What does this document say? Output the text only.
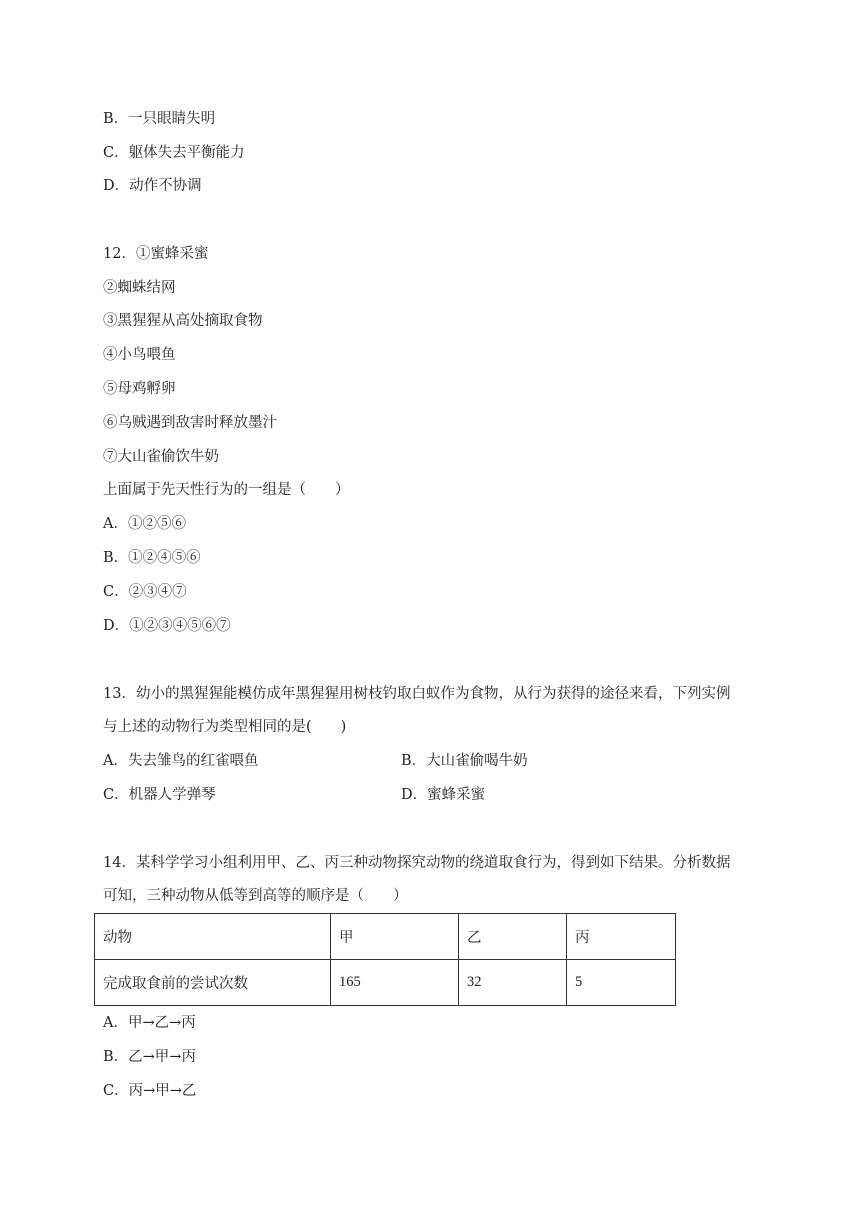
B．一只眼睛失明
C．躯体失去平衡能力
D．动作不协调
12．①蜜蜂采蜜
②蜘蛛结网
③黑猩猩从高处摘取食物
④小鸟喂鱼
⑤母鸡孵卵
⑥乌贼遇到敌害时释放墨汁
⑦大山雀偷饮牛奶
上面属于先天性行为的一组是（　　）
A．①②⑤⑥
B．①②④⑤⑥
C．②③④⑦
D．①②③④⑤⑥⑦
13．幼小的黑猩猩能模仿成年黑猩猩用树枝钓取白蚁作为食物，从行为获得的途径来看，下列实例
与上述的动物行为类型相同的是(　　)
A．失去雏鸟的红雀喂鱼	B．大山雀偷喝牛奶
C．机器人学弹琴	D．蜜蜂采蜜
14．某科学学习小组利用甲、乙、丙三种动物探究动物的绕道取食行为，得到如下结果。分析数据
可知，三种动物从低等到高等的顺序是（　　）
动物	甲	乙	丙
完成取食前的尝试次数	165	32	5
A．甲→乙→丙
B．乙→甲→丙
C．丙→甲→乙
